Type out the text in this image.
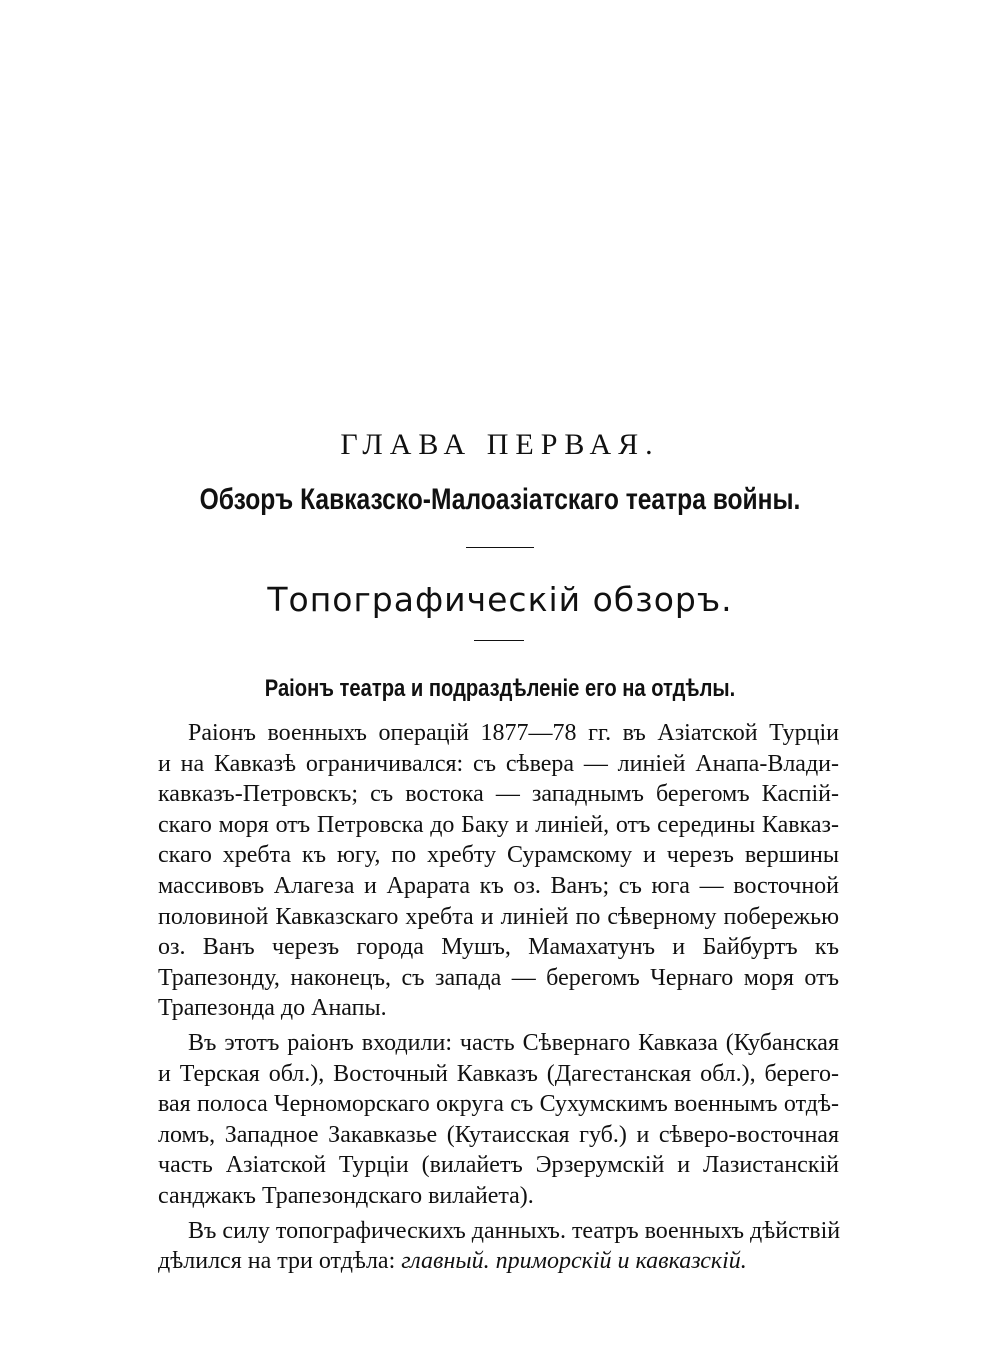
ГЛАВА ПЕРВАЯ.
Обзоръ Кавказско-Малоазіатскаго театра войны.
Топографическій обзоръ.
Раіонъ театра и подраздѣленіе его на отдѣлы.
Раіонъ военныхъ операцій 1877—78 гг. въ Азіатской Турціи
и на Кавказѣ ограничивался: съ сѣвера — линіей Анапа-Влади-
кавказъ-Петровскъ; съ востока — западнымъ берегомъ Каспій-
скаго моря отъ Петровска до Баку и линіей, отъ середины Кавказ-
скаго хребта къ югу, по хребту Сурамскому и черезъ вершины
массивовъ Алагеза и Арарата къ оз. Ванъ; съ юга — восточной
половиной Кавказскаго хребта и линіей по сѣверному побережью
оз. Ванъ черезъ города Мушъ, Мамахатунъ и Байбуртъ къ
Трапезонду, наконецъ, съ запада — берегомъ Чернаго моря отъ
Трапезонда до Анапы.
Въ этотъ раіонъ входили: часть Сѣвернаго Кавказа (Кубанская
и Терская обл.), Восточный Кавказъ (Дагестанская обл.), берего-
вая полоса Черноморскаго округа съ Сухумскимъ военнымъ отдѣ-
ломъ, Западное Закавказье (Кутаисская губ.) и сѣверо-восточная
часть Азіатской Турціи (вилайетъ Эрзерумскій и Лазистанскій
санджакъ Трапезондскаго вилайета).
Въ силу топографическихъ данныхъ. театръ военныхъ дѣйствій
дѣлился на три отдѣла: главный. приморскій и кавказскій.
